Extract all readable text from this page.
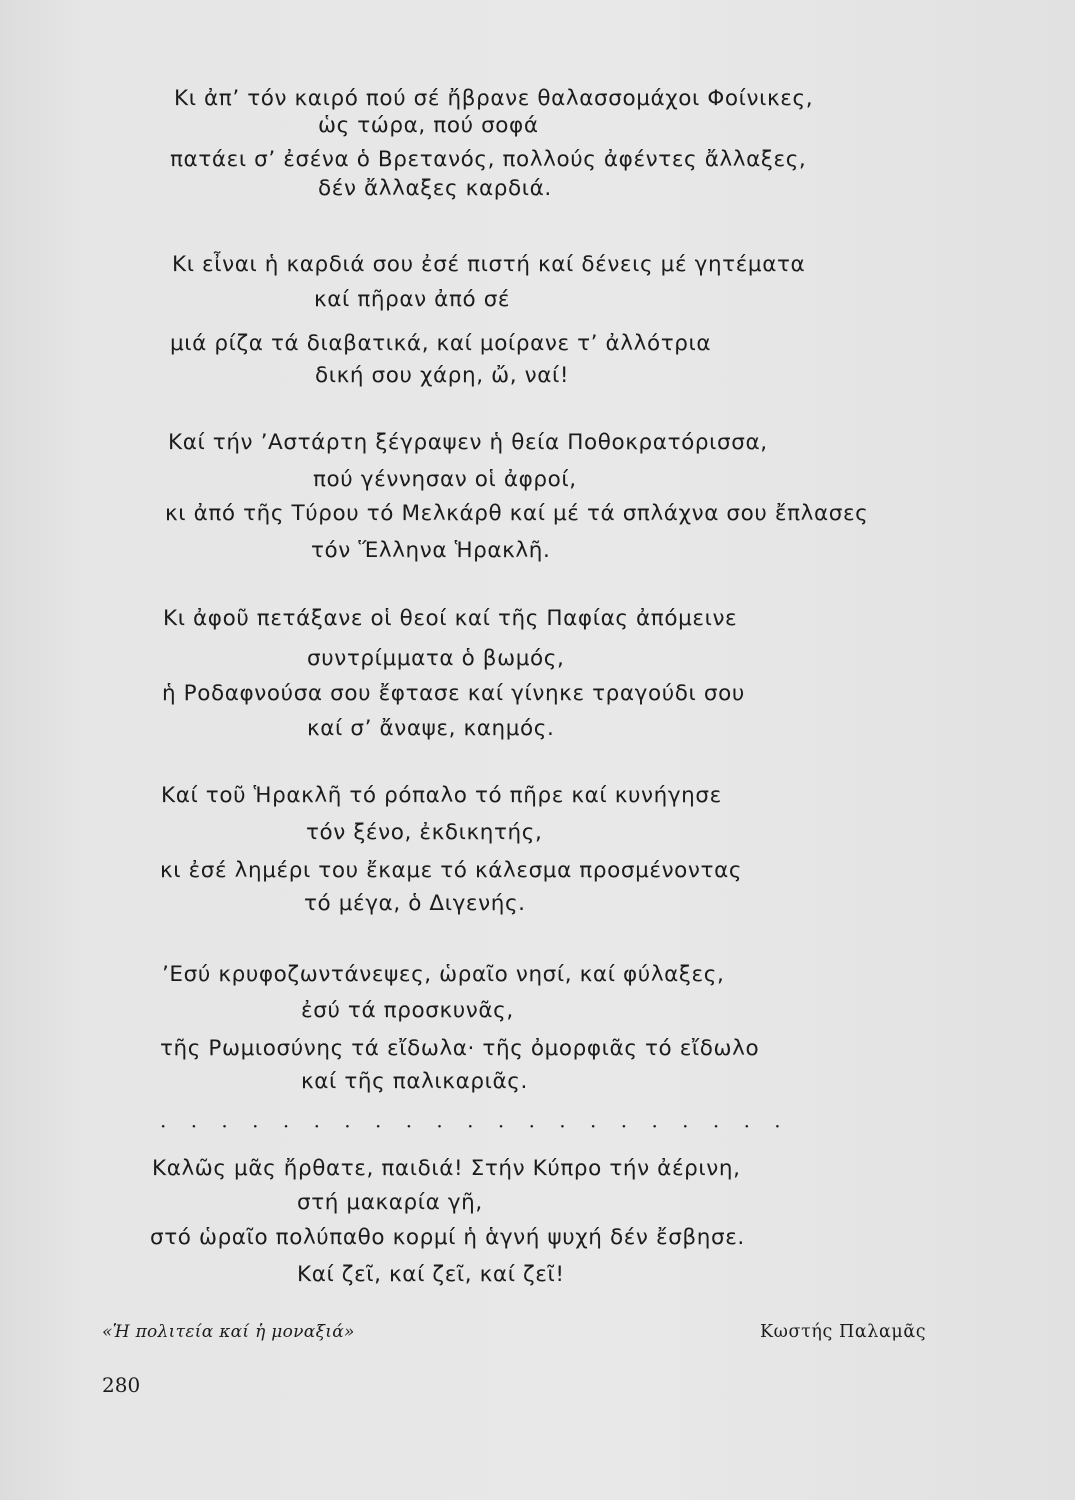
Κι ἀπ’ τόν καιρό πού σέ ἤβρανε θαλασσομάχοι Φοίνικες,
ὡς τώρα, πού σοφά
πατάει σ’ ἐσένα ὁ Βρετανός, πολλούς ἀφέντες ἄλλαξες,
δέν ἄλλαξες καρδιά.
Κι εἶναι ἡ καρδιά σου ἐσέ πιστή καί δένεις μέ γητέματα
καί πῆραν ἀπό σέ
μιά ρίζα τά διαβατικά, καί μοίρανε τ’ ἀλλότρια
δική σου χάρη, ὤ, ναί!
Καί τήν ’Αστάρτη ξέγραψεν ἡ θεία Ποθοκρατόρισσα,
πού γέννησαν οἱ ἀφροί,
κι ἀπό τῆς Τύρου τό Μελκάρθ καί μέ τά σπλάχνα σου ἔπλασες
τόν Ἕλληνα Ἡρακλῆ.
Κι ἀφοῦ πετάξανε οἱ θεοί καί τῆς Παφίας ἀπόμεινε
συντρίμματα ὁ βωμός,
ἡ Ροδαφνούσα σου ἔφτασε καί γίνηκε τραγούδι σου
καί σ’ ἄναψε, καημός.
Καί τοῦ Ἡρακλῆ τό ρόπαλο τό πῆρε καί κυνήγησε
τόν ξένο, ἐκδικητής,
κι ἐσέ λημέρι του ἔκαμε τό κάλεσμα προσμένοντας
τό μέγα, ὁ Διγενής.
’Εσύ κρυφοζωντάνεψες, ὡραῖο νησί, καί φύλαξες,
ἐσύ τά προσκυνᾶς,
τῆς Ρωμιοσύνης τά εἴδωλα· τῆς ὀμορφιᾶς τό εἴδωλο
καί τῆς παλικαριᾶς.
· · · · · · · · · · · · · · · · · · · · ·
Καλῶς μᾶς ἤρθατε, παιδιά! Στήν Κύπρο τήν ἀέρινη,
στή μακαρία γῆ,
στό ὡραῖο πολύπαθο κορμί ἡ ἁγνή ψυχή δέν ἔσβησε.
Καί ζεῖ, καί ζεῖ, καί ζεῖ!
«Ἡ πολιτεία καί ἡ μοναξιά»	Κωστής Παλαμᾶς
280
